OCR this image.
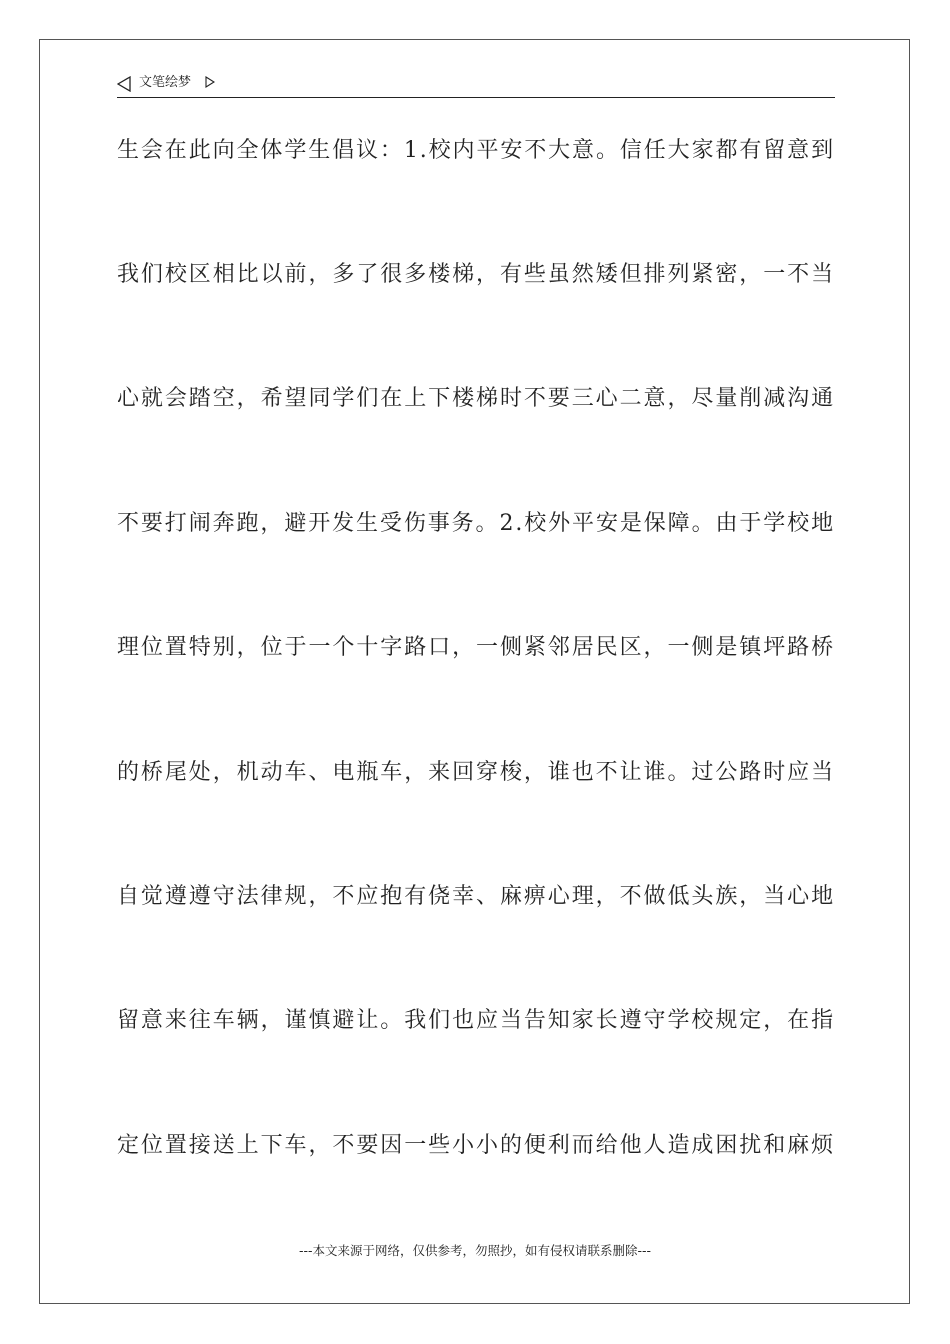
文笔绘梦
生会在此向全体学生倡议：1.校内平安不大意。信任大家都有留意到
我们校区相比以前，多了很多楼梯，有些虽然矮但排列紧密，一不当
心就会踏空，希望同学们在上下楼梯时不要三心二意，尽量削减沟通
不要打闹奔跑，避开发生受伤事务。2.校外平安是保障。由于学校地
理位置特别，位于一个十字路口，一侧紧邻居民区，一侧是镇坪路桥
的桥尾处，机动车、电瓶车，来回穿梭，谁也不让谁。过公路时应当
自觉遵遵守法律规，不应抱有侥幸、麻痹心理，不做低头族，当心地
留意来往车辆，谨慎避让。我们也应当告知家长遵守学校规定，在指
定位置接送上下车，不要因一些小小的便利而给他人造成困扰和麻烦
---本文来源于网络，仅供参考，勿照抄，如有侵权请联系删除---
